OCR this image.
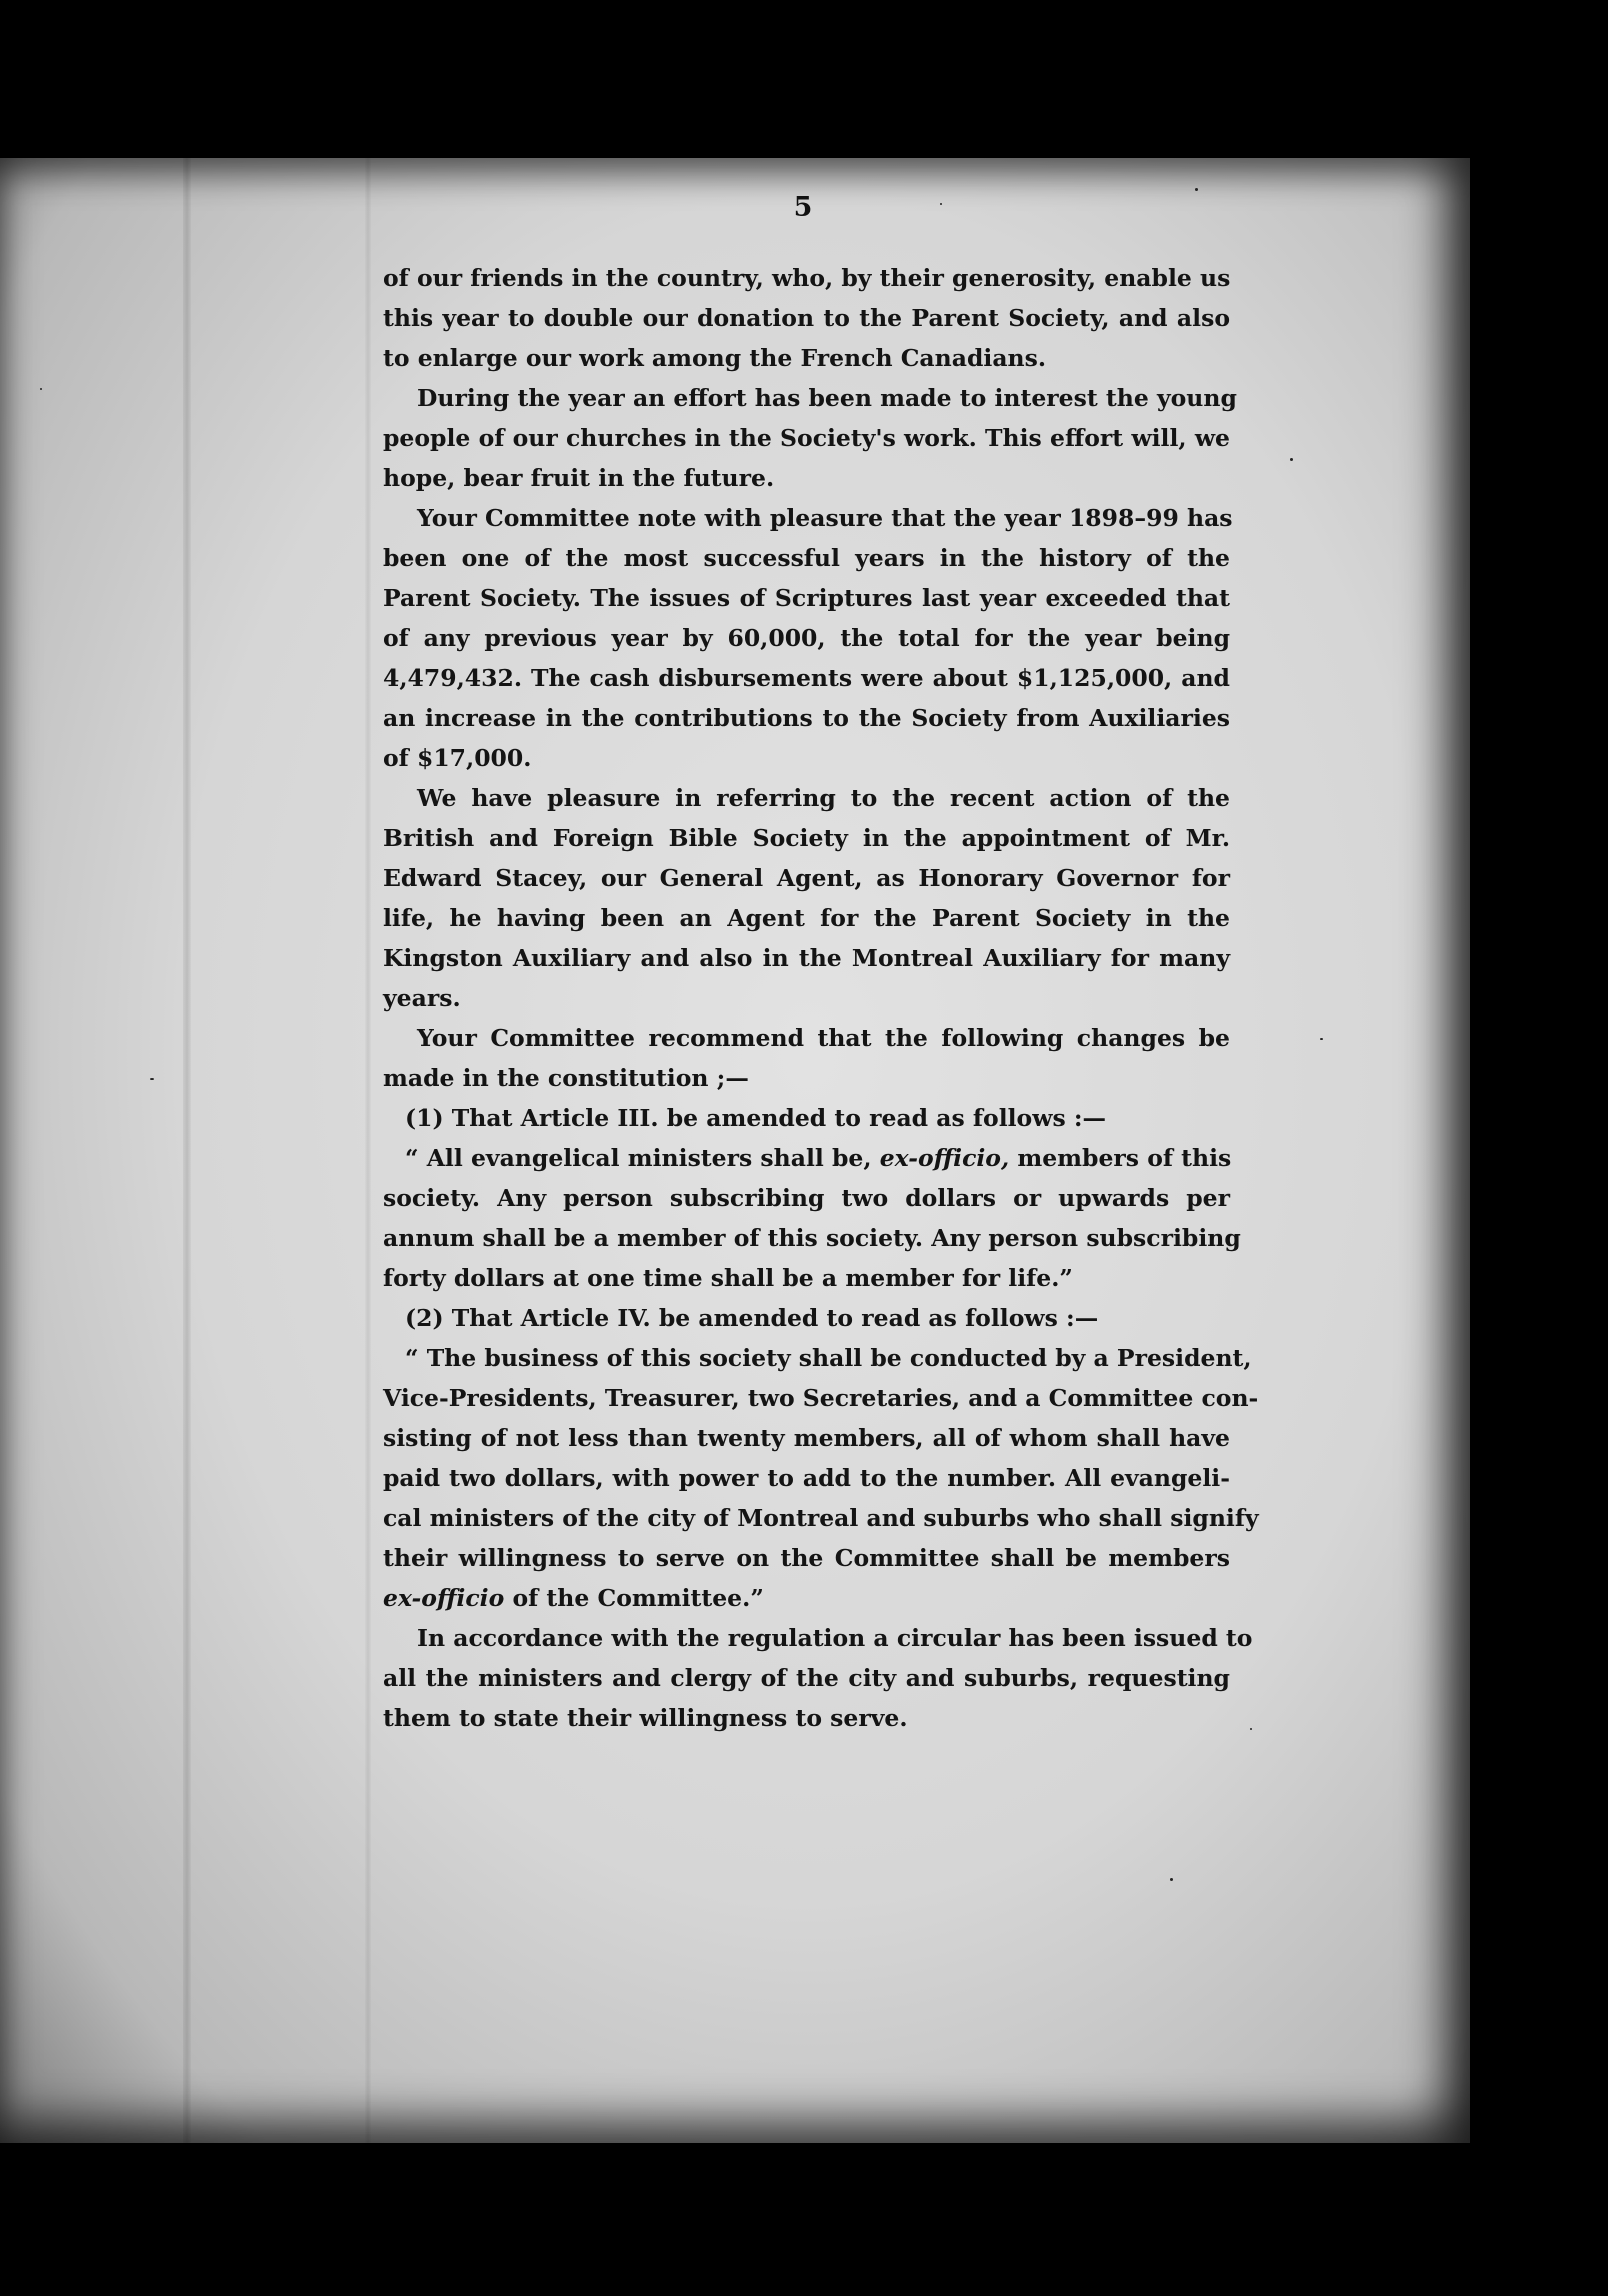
5

of our friends in the country, who, by their generosity, enable us
this year to double our donation to the Parent Society, and also
to enlarge our work among the French Canadians.

During the year an effort has been made to interest the young
people of our churches in the Society's work. This effort will, we
hope, bear fruit in the future.

Your Committee note with pleasure that the year 1898–99 has
been one of the most successful years in the history of the
Parent Society. The issues of Scriptures last year exceeded that
of any previous year by 60,000, the total for the year being
4,479,432. The cash disbursements were about $1,125,000, and
an increase in the contributions to the Society from Auxiliaries
of $17,000.

We have pleasure in referring to the recent action of the
British and Foreign Bible Society in the appointment of Mr.
Edward Stacey, our General Agent, as Honorary Governor for
life, he having been an Agent for the Parent Society in the
Kingston Auxiliary and also in the Montreal Auxiliary for many
years.

Your Committee recommend that the following changes be
made in the constitution ;—

(1) That Article III. be amended to read as follows :—

“ All evangelical ministers shall be, ex-officio, members of this
society. Any person subscribing two dollars or upwards per
annum shall be a member of this society. Any person subscribing
forty dollars at one time shall be a member for life.”

(2) That Article IV. be amended to read as follows :—

“ The business of this society shall be conducted by a President,
Vice-Presidents, Treasurer, two Secretaries, and a Committee con-
sisting of not less than twenty members, all of whom shall have
paid two dollars, with power to add to the number. All evangeli-
cal ministers of the city of Montreal and suburbs who shall signify
their willingness to serve on the Committee shall be members
ex-officio of the Committee.”

In accordance with the regulation a circular has been issued to
all the ministers and clergy of the city and suburbs, requesting
them to state their willingness to serve.
